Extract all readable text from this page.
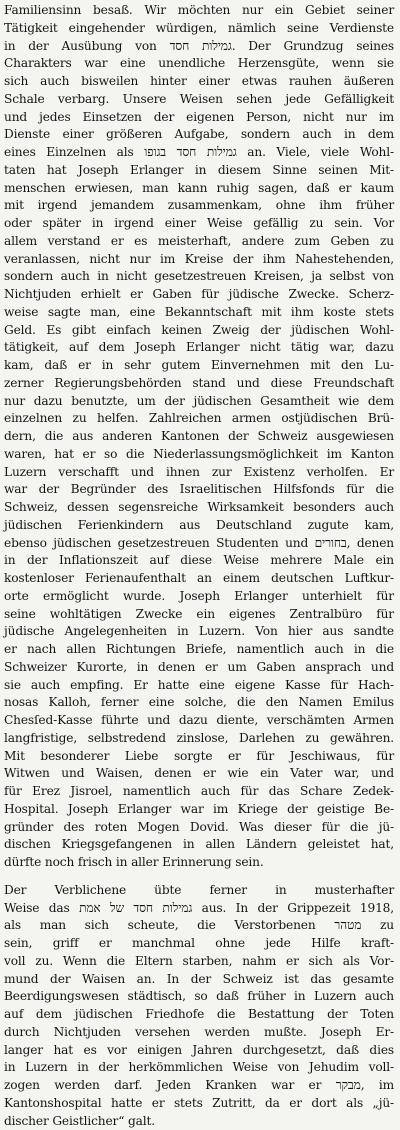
Familiensinn besaß. Wir möchten nur ein Gebiet seiner

Tätigkeit eingehender würdigen, nämlich seine Verdienste

in der Ausübung von גמילות חסד. Der Grundzug seines

Charakters war eine unendliche Herzensgüte, wenn sie

sich auch bisweilen hinter einer etwas rauhen äußeren

Schale verbarg. Unsere Weisen sehen jede Gefälligkeit

und jedes Einsetzen der eigenen Person, nicht nur im

Dienste einer größeren Aufgabe, sondern auch in dem

eines Einzelnen als גמילות חסד בגופו an. Viele, viele Wohl-

taten hat Joseph Erlanger in diesem Sinne seinen Mit-

menschen erwiesen, man kann ruhig sagen, daß er kaum

mit irgend jemandem zusammenkam, ohne ihm früher

oder später in irgend einer Weise gefällig zu sein. Vor

allem verstand er es meisterhaft, andere zum Geben zu

veranlassen, nicht nur im Kreise der ihm Nahestehenden,

sondern auch in nicht gesetzestreuen Kreisen, ja selbst von

Nichtjuden erhielt er Gaben für jüdische Zwecke. Scherz-

weise sagte man, eine Bekanntschaft mit ihm koste stets

Geld. Es gibt einfach keinen Zweig der jüdischen Wohl-

tätigkeit, auf dem Joseph Erlanger nicht tätig war, dazu

kam, daß er in sehr gutem Einvernehmen mit den Lu-

zerner Regierungsbehörden stand und diese Freundschaft

nur dazu benutzte, um der jüdischen Gesamtheit wie dem

einzelnen zu helfen. Zahlreichen armen ostjüdischen Brü-

dern, die aus anderen Kantonen der Schweiz ausgewiesen

waren, hat er so die Niederlassungsmöglichkeit im Kanton

Luzern verschafft und ihnen zur Existenz verholfen. Er

war der Begründer des Israelitischen Hilfsfonds für die

Schweiz, dessen segensreiche Wirksamkeit besonders auch

jüdischen Ferienkindern aus Deutschland zugute kam,

ebenso jüdischen gesetzestreuen Studenten und בחורים, denen

in der Inflationszeit auf diese Weise mehrere Male ein

kostenloser Ferienaufenthalt an einem deutschen Luftkur-

orte ermöglicht wurde. Joseph Erlanger unterhielt für

seine wohltätigen Zwecke ein eigenes Zentralbüro für

jüdische Angelegenheiten in Luzern. Von hier aus sandte

er nach allen Richtungen Briefe, namentlich auch in die

Schweizer Kurorte, in denen er um Gaben ansprach und

sie auch empfing. Er hatte eine eigene Kasse für Hach-

nosas Kalloh, ferner eine solche, die den Namen Emilus

Chesſed-Kasse führte und dazu diente, verschämten Armen

langfristige, selbstredend zinslose, Darlehen zu gewähren.

Mit besonderer Liebe sorgte er für Jeschiwaus, für

Witwen und Waisen, denen er wie ein Vater war, und

für Erez Jisroel, namentlich auch für das Schare Zedek-

Hospital. Joseph Erlanger war im Kriege der geistige Be-

gründer des roten Mogen Dovid. Was dieser für die jü-

dischen Kriegsgefangenen in allen Ländern geleistet hat,

dürfte noch frisch in aller Erinnerung sein.

Der Verblichene übte ferner in musterhafter

Weise das גמילות חסד של אמת aus. In der Grippezeit 1918,

als man sich scheute, die Verstorbenen מטהר zu

sein, griff er manchmal ohne jede Hilfe kraft-

voll zu. Wenn die Eltern starben, nahm er sich als Vor-

mund der Waisen an. In der Schweiz ist das gesamte

Beerdigungswesen städtisch, so daß früher in Luzern auch

auf dem jüdischen Friedhofe die Bestattung der Toten

durch Nichtjuden versehen werden mußte. Joseph Er-

langer hat es vor einigen Jahren durchgesetzt, daß dies

in Luzern in der herkömmlichen Weise von Jehudim voll-

zogen werden darf. Jeden Kranken war er מבקר, im

Kantonshospital hatte er stets Zutritt, da er dort als „jü-

discher Geistlicher“ galt.
